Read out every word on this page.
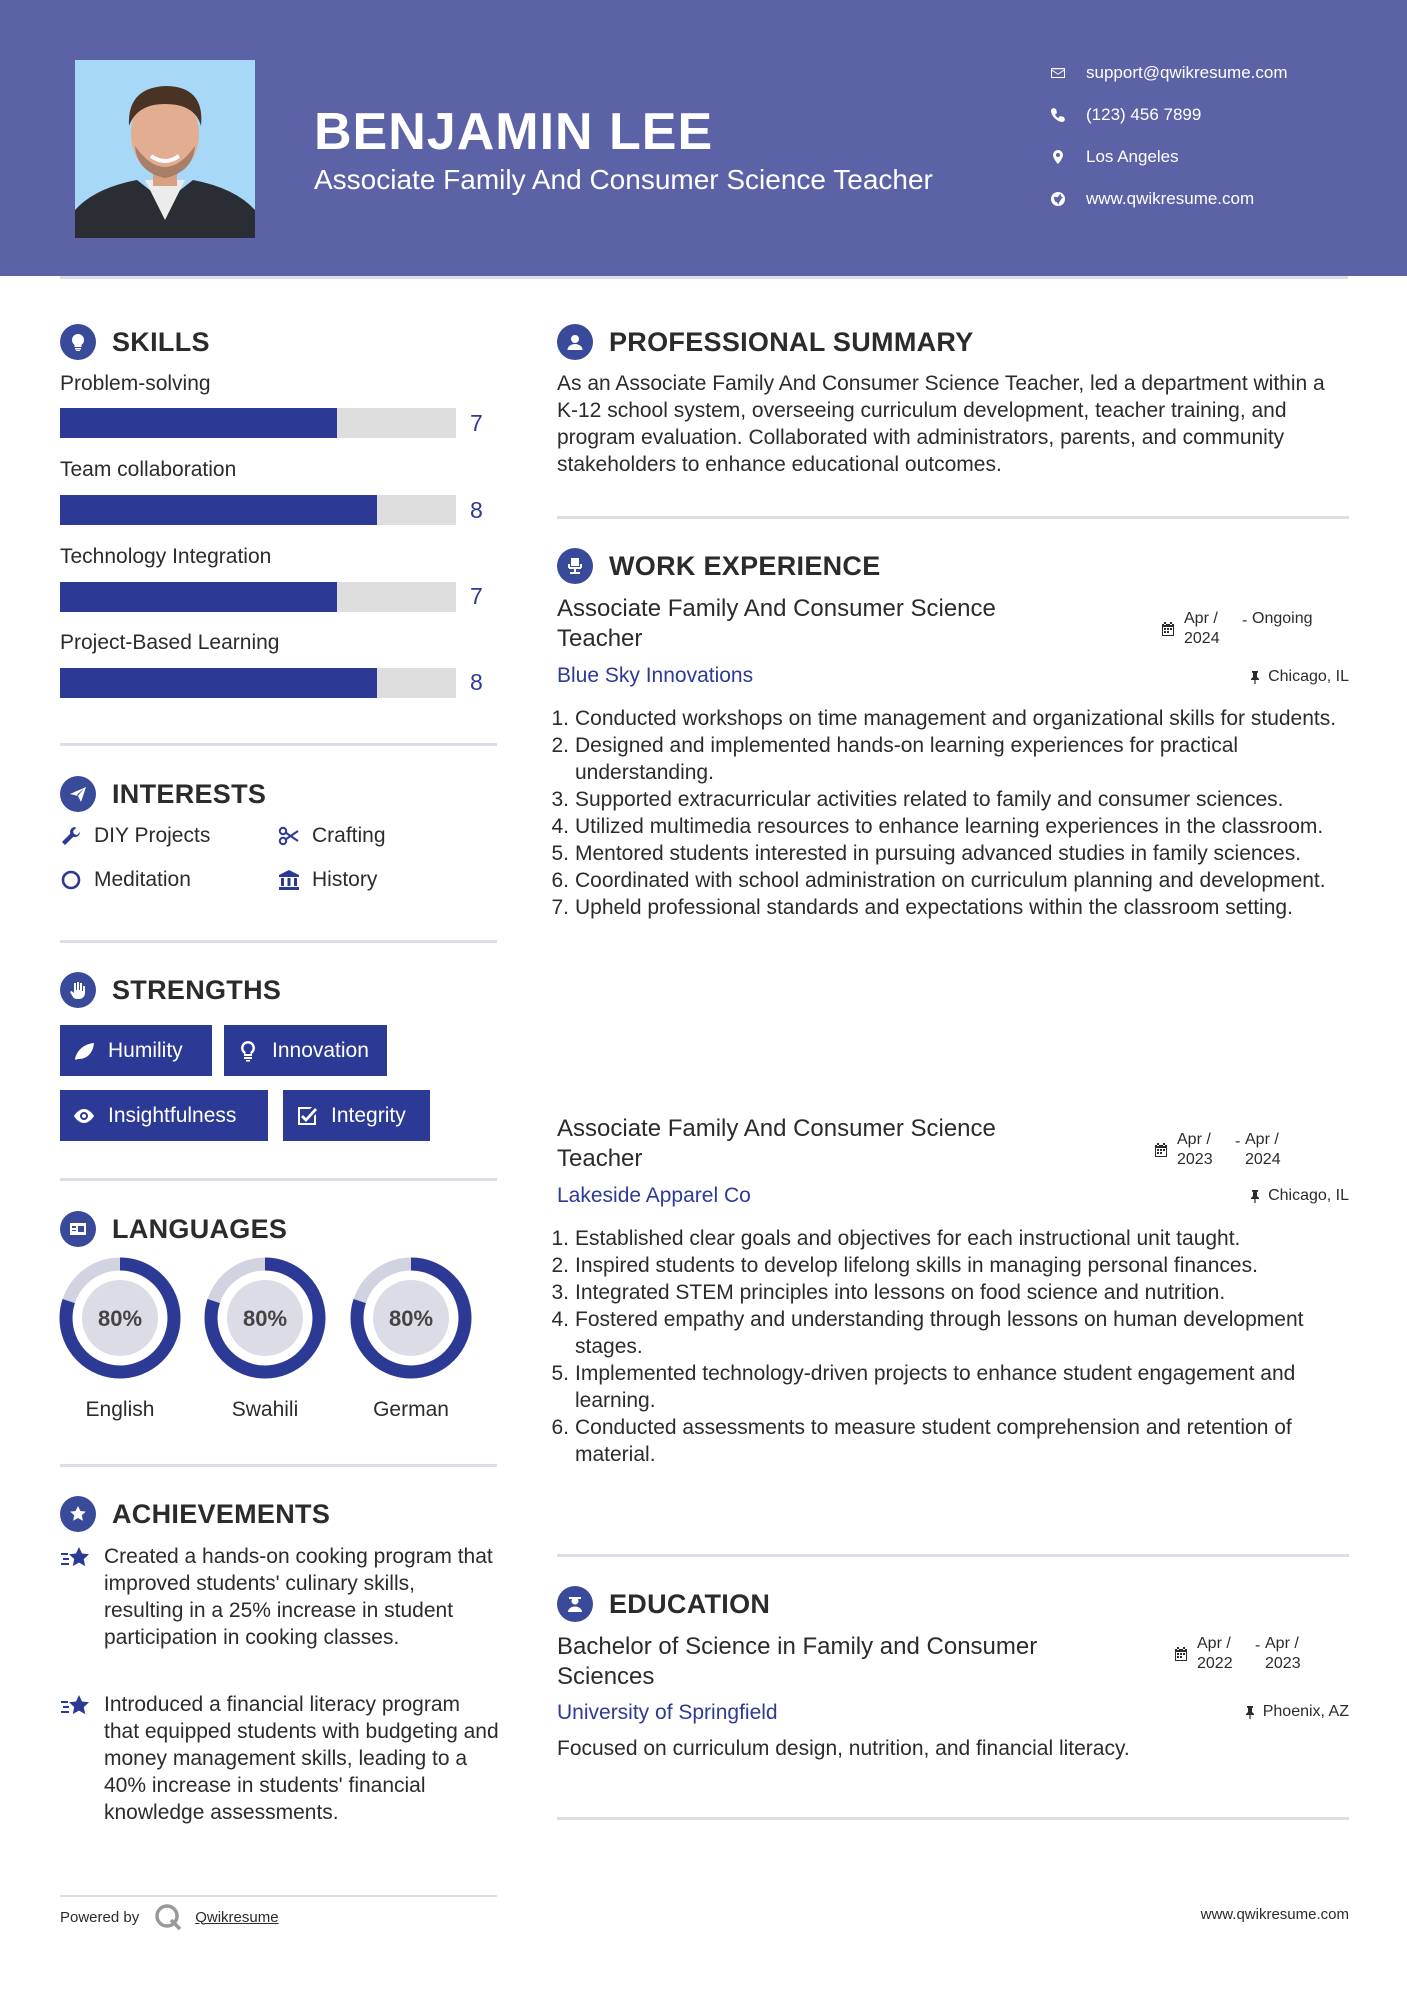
BENJAMIN LEE
Associate Family And Consumer Science Teacher
support@qwikresume.com
(123) 456 7899
Los Angeles
www.qwikresume.com
SKILLS
Problem-solving
7
Team collaboration
8
Technology Integration
7
Project-Based Learning
8
INTERESTS
DIY Projects	Crafting
Meditation	History
STRENGTHS
Humility	Innovation
Insightfulness	Integrity
LANGUAGES
80%
English
80%
Swahili
80%
German
ACHIEVEMENTS
Created a hands-on cooking program that improved students' culinary skills, resulting in a 25% increase in student participation in cooking classes.
Introduced a financial literacy program that equipped students with budgeting and money management skills, leading to a 40% increase in students' financial knowledge assessments.
Powered by	Qwikresume	www.qwikresume.com
PROFESSIONAL SUMMARY
As an Associate Family And Consumer Science Teacher, led a department within a K-12 school system, overseeing curriculum development, teacher training, and program evaluation. Collaborated with administrators, parents, and community stakeholders to enhance educational outcomes.
WORK EXPERIENCE
Associate Family And Consumer Science Teacher
Apr / 2024
- Ongoing
Blue Sky Innovations	Chicago, IL
1. Conducted workshops on time management and organizational skills for students.
2. Designed and implemented hands-on learning experiences for practical understanding.
3. Supported extracurricular activities related to family and consumer sciences.
4. Utilized multimedia resources to enhance learning experiences in the classroom.
5. Mentored students interested in pursuing advanced studies in family sciences.
6. Coordinated with school administration on curriculum planning and development.
7. Upheld professional standards and expectations within the classroom setting.
Associate Family And Consumer Science Teacher
Apr / 2023
- Apr / 2024
Lakeside Apparel Co	Chicago, IL
1. Established clear goals and objectives for each instructional unit taught.
2. Inspired students to develop lifelong skills in managing personal finances.
3. Integrated STEM principles into lessons on food science and nutrition.
4. Fostered empathy and understanding through lessons on human development stages.
5. Implemented technology-driven projects to enhance student engagement and learning.
6. Conducted assessments to measure student comprehension and retention of material.
EDUCATION
Bachelor of Science in Family and Consumer Sciences
Apr / 2022
- Apr / 2023
University of Springfield	Phoenix, AZ
Focused on curriculum design, nutrition, and financial literacy.
